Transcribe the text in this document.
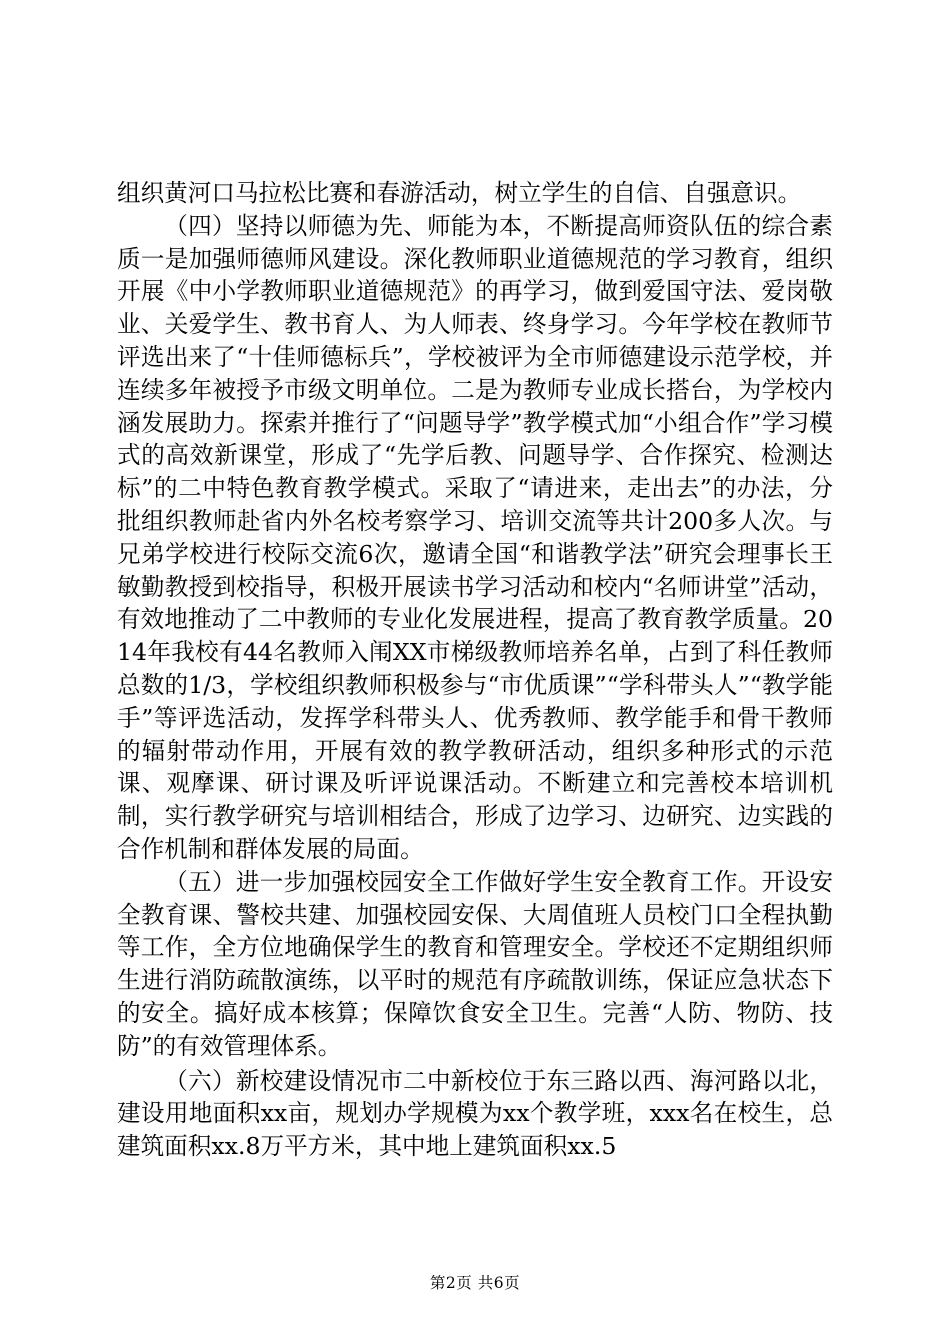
组织黄河口马拉松比赛和春游活动，树立学生的自信、自强意识。

（四）坚持以师德为先、师能为本，不断提高师资队伍的综合素质一是加强师德师风建设。深化教师职业道德规范的学习教育，组织开展《中小学教师职业道德规范》的再学习，做到爱国守法、爱岗敬业、关爱学生、教书育人、为人师表、终身学习。今年学校在教师节评选出来了“十佳师德标兵”，学校被评为全市师德建设示范学校，并连续多年被授予市级文明单位。二是为教师专业成长搭台，为学校内涵发展助力。探索并推行了“问题导学”教学模式加“小组合作”学习模式的高效新课堂，形成了“先学后教、问题导学、合作探究、检测达标”的二中特色教育教学模式。采取了“请进来，走出去”的办法，分批组织教师赴省内外名校考察学习、培训交流等共计200多人次。与兄弟学校进行校际交流6次，邀请全国“和谐教学法”研究会理事长王敏勤教授到校指导，积极开展读书学习活动和校内“名师讲堂”活动，有效地推动了二中教师的专业化发展进程，提高了教育教学质量。2014年我校有44名教师入闱XX市梯级教师培养名单，占到了科任教师总数的1/3，学校组织教师积极参与“市优质课”“学科带头人”“教学能手”等评选活动，发挥学科带头人、优秀教师、教学能手和骨干教师的辐射带动作用，开展有效的教学教研活动，组织多种形式的示范课、观摩课、研讨课及听评说课活动。不断建立和完善校本培训机制，实行教学研究与培训相结合，形成了边学习、边研究、边实践的合作机制和群体发展的局面。

（五）进一步加强校园安全工作做好学生安全教育工作。开设安全教育课、警校共建、加强校园安保、大周值班人员校门口全程执勤等工作，全方位地确保学生的教育和管理安全。学校还不定期组织师生进行消防疏散演练，以平时的规范有序疏散训练，保证应急状态下的安全。搞好成本核算；保障饮食安全卫生。完善“人防、物防、技防”的有效管理体系。

（六）新校建设情况市二中新校位于东三路以西、海河路以北，建设用地面积xx亩，规划办学规模为xx个教学班，xxx名在校生，总建筑面积xx.8万平方米，其中地上建筑面积xx.5

第2页 共6页
